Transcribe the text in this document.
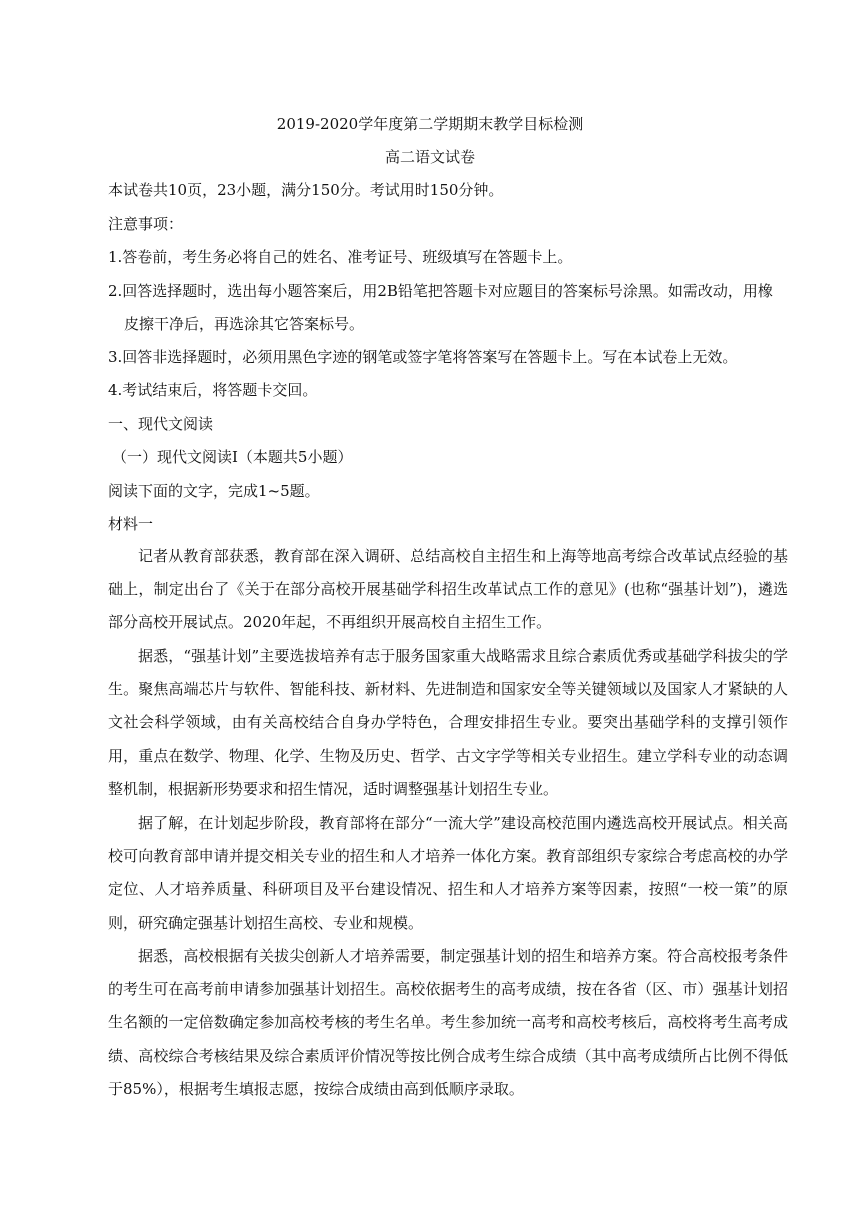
2019-2020学年度第二学期期末教学目标检测
高二语文试卷
本试卷共10页，23小题，满分150分。考试用时150分钟。
注意事项：
1.答卷前，考生务必将自己的姓名、准考证号、班级填写在答题卡上。
2.回答选择题时，选出每小题答案后，用2B铅笔把答题卡对应题目的答案标号涂黑。如需改动，用橡
皮擦干净后，再选涂其它答案标号。
3.回答非选择题时，必须用黑色字迹的钢笔或签字笔将答案写在答题卡上。写在本试卷上无效。
4.考试结束后，将答题卡交回。
一、现代文阅读
（一）现代文阅读Ⅰ（本题共5小题）
阅读下面的文字，完成1~5题。
材料一
记者从教育部获悉，教育部在深入调研、总结高校自主招生和上海等地高考综合改革试点经验的基础上，制定出台了《关于在部分高校开展基础学科招生改革试点工作的意见》(也称“强基计划”)，遴选部分高校开展试点。2020年起，不再组织开展高校自主招生工作。
据悉，“强基计划”主要选拔培养有志于服务国家重大战略需求且综合素质优秀或基础学科拔尖的学生。聚焦高端芯片与软件、智能科技、新材料、先进制造和国家安全等关键领域以及国家人才紧缺的人文社会科学领域，由有关高校结合自身办学特色，合理安排招生专业。要突出基础学科的支撑引领作用，重点在数学、物理、化学、生物及历史、哲学、古文字学等相关专业招生。建立学科专业的动态调整机制，根据新形势要求和招生情况，适时调整强基计划招生专业。
据了解，在计划起步阶段，教育部将在部分“一流大学”建设高校范围内遴选高校开展试点。相关高校可向教育部申请并提交相关专业的招生和人才培养一体化方案。教育部组织专家综合考虑高校的办学定位、人才培养质量、科研项目及平台建设情况、招生和人才培养方案等因素，按照“一校一策”的原则，研究确定强基计划招生高校、专业和规模。
据悉，高校根据有关拔尖创新人才培养需要，制定强基计划的招生和培养方案。符合高校报考条件的考生可在高考前申请参加强基计划招生。高校依据考生的高考成绩，按在各省（区、市）强基计划招生名额的一定倍数确定参加高校考核的考生名单。考生参加统一高考和高校考核后，高校将考生高考成绩、高校综合考核结果及综合素质评价情况等按比例合成考生综合成绩（其中高考成绩所占比例不得低于85%），根据考生填报志愿，按综合成绩由高到低顺序录取。
